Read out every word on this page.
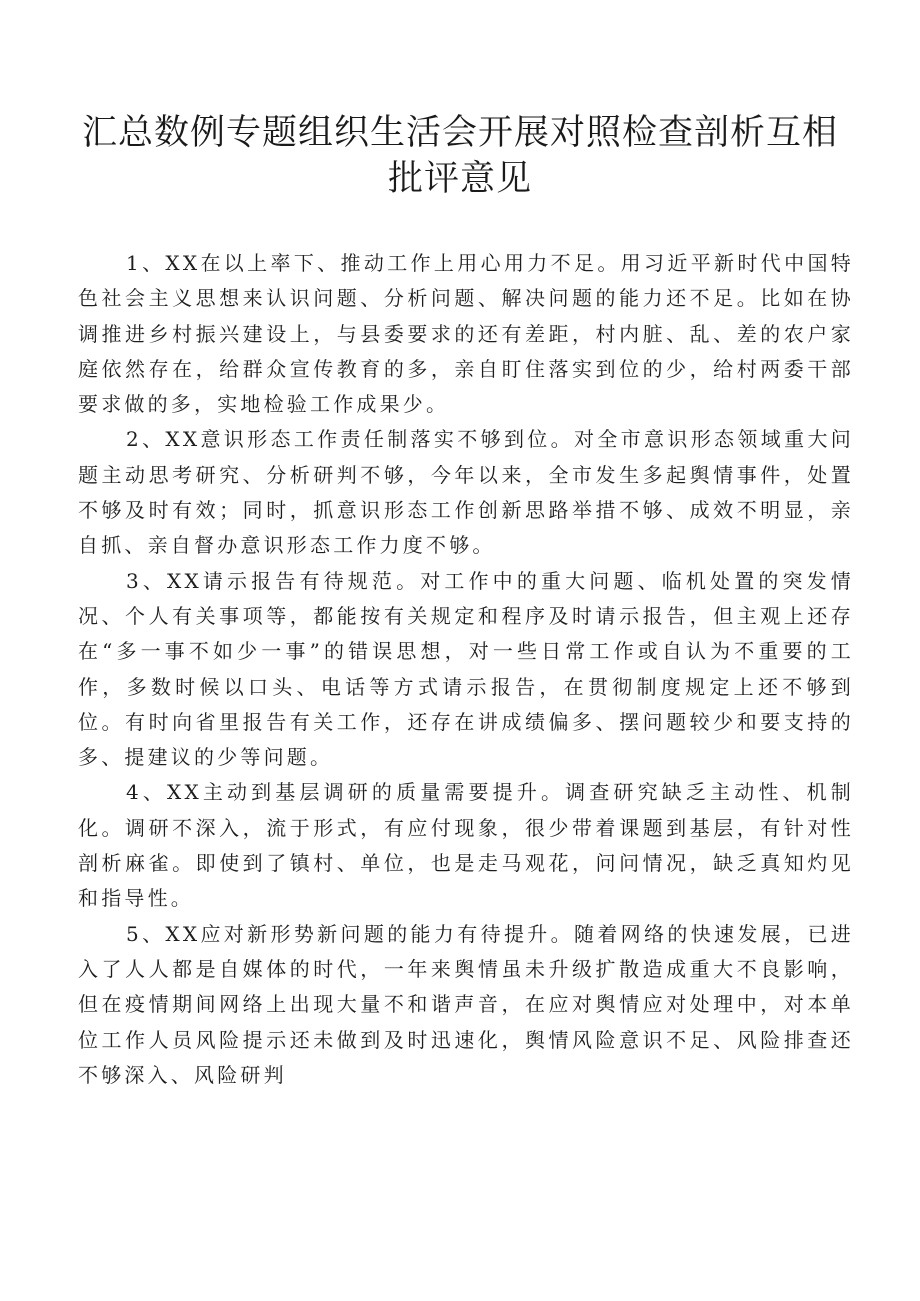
汇总数例专题组织生活会开展对照检查剖析互相批评意见

1、XX在以上率下、推动工作上用心用力不足。用习近平新时代中国特色社会主义思想来认识问题、分析问题、解决问题的能力还不足。比如在协调推进乡村振兴建设上，与县委要求的还有差距，村内脏、乱、差的农户家庭依然存在，给群众宣传教育的多，亲自盯住落实到位的少，给村两委干部要求做的多，实地检验工作成果少。

2、XX意识形态工作责任制落实不够到位。对全市意识形态领域重大问题主动思考研究、分析研判不够，今年以来，全市发生多起舆情事件，处置不够及时有效；同时，抓意识形态工作创新思路举措不够、成效不明显，亲自抓、亲自督办意识形态工作力度不够。

3、XX请示报告有待规范。对工作中的重大问题、临机处置的突发情况、个人有关事项等，都能按有关规定和程序及时请示报告，但主观上还存在“多一事不如少一事”的错误思想，对一些日常工作或自认为不重要的工作，多数时候以口头、电话等方式请示报告，在贯彻制度规定上还不够到位。有时向省里报告有关工作，还存在讲成绩偏多、摆问题较少和要支持的多、提建议的少等问题。

4、XX主动到基层调研的质量需要提升。调查研究缺乏主动性、机制化。调研不深入，流于形式，有应付现象，很少带着课题到基层，有针对性剖析麻雀。即使到了镇村、单位，也是走马观花，问问情况，缺乏真知灼见和指导性。

5、XX应对新形势新问题的能力有待提升。随着网络的快速发展，已进入了人人都是自媒体的时代，一年来舆情虽未升级扩散造成重大不良影响，但在疫情期间网络上出现大量不和谐声音，在应对舆情应对处理中，对本单位工作人员风险提示还未做到及时迅速化，舆情风险意识不足、风险排查还不够深入、风险研判
